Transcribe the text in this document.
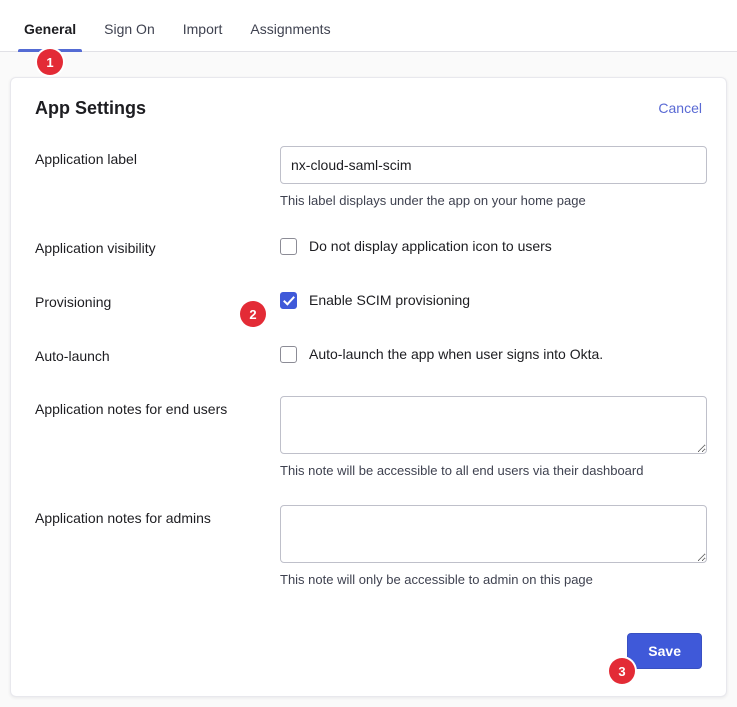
General	Sign On	Import	Assignments
App Settings	Cancel
Application label
nx-cloud-saml-scim
This label displays under the app on your home page
Application visibility	Do not display application icon to users
Provisioning	Enable SCIM provisioning
Auto-launch	Auto-launch the app when user signs into Okta.
Application notes for end users
This note will be accessible to all end users via their dashboard
Application notes for admins
This note will only be accessible to admin on this page
Save
1
2
3
